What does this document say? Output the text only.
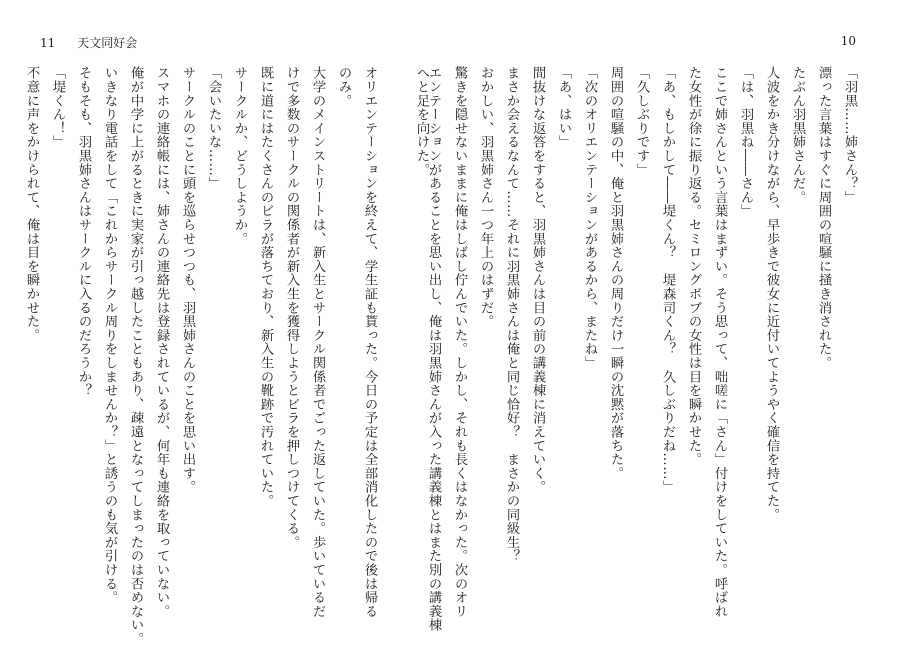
11 天文同好会
へと足を向けた。
オリエンテーションを終えて、学生証も貰った。今日の予定は全部消化したので後は帰る
のみ。
大学のメインストリートは、新入生とサークル関係者でごった返していた。歩いているだ
けで多数のサークルの関係者が新入生を獲得しようとビラを押しつけてくる。
既に道にはたくさんのビラが落ちており、新入生の靴跡で汚れていた。
サークルか、どうしようか。
「会いたいな……」
サークルのことに頭を巡らせつつも、羽黒姉さんのことを思い出す。
スマホの連絡帳には、姉さんの連絡先は登録されているが、何年も連絡を取っていない。
俺が中学に上がるときに実家が引っ越したこともあり、疎遠となってしまったのは否めない。
いきなり電話をして「これからサークル周りをしませんか？」と誘うのも気が引ける。
そもそも、羽黒姉さんはサークルに入るのだろうか？
「堤くん！」
不意に声をかけられて、俺は目を瞬かせた。
10
「羽黒……姉さん？」
漂った言葉はすぐに周囲の喧騒に掻き消された。
たぶん羽黒姉さんだ。
人波をかき分けながら、早歩きで彼女に近付いてようやく確信を持てた。
「は、羽黒ね――さん」
ここで姉さんという言葉はまずい。そう思って、咄嗟に「さん」付けをしていた。呼ばれ
た女性が徐に振り返る。セミロングボブの女性は目を瞬かせた。
「あ、もしかして――堤くん？　堤森司くん？　久しぶりだね……」
「久しぶりです」
周囲の喧騒の中、俺と羽黒姉さんの周りだけ一瞬の沈黙が落ちた。
「次のオリエンテーションがあるから、またね」
「あ、はい」
間抜けな返答をすると、羽黒姉さんは目の前の講義棟に消えていく。
まさか会えるなんて……それに羽黒姉さんは俺と同じ恰好？　まさかの同級生？
おかしい、羽黒姉さん一つ年上のはずだ。
驚きを隠せないままに俺はしばし佇んでいた。しかし、それも長くはなかった。次のオリ
エンテーションがあることを思い出し、俺は羽黒姉さんが入った講義棟とはまた別の講義棟
